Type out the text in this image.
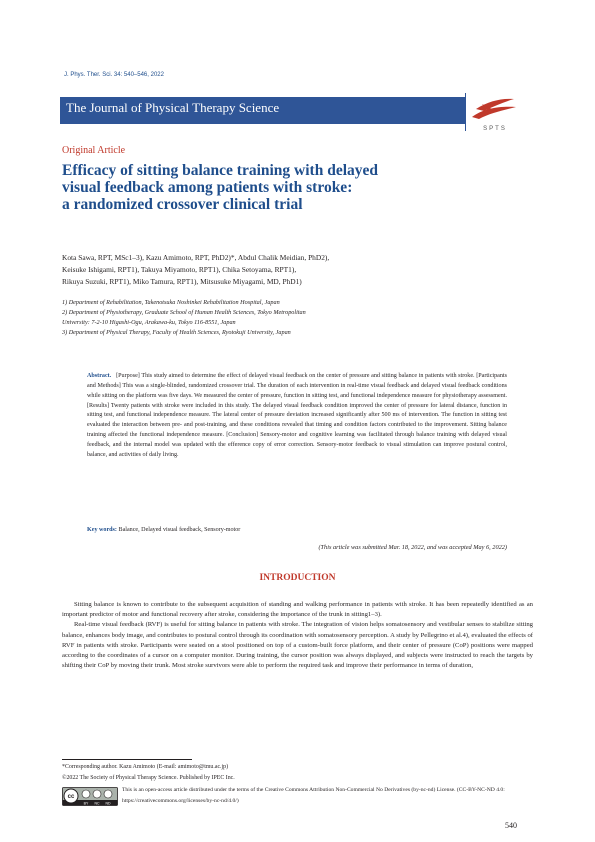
J. Phys. Ther. Sci. 34: 540–546, 2022
The Journal of Physical Therapy Science
SPTS
Original Article
Efficacy of sitting balance training with delayed
visual feedback among patients with stroke:
a randomized crossover clinical trial
Kota Sawa, RPT, MSc1–3), Kazu Amimoto, RPT, PhD2)*, Abdul Chalik Meidian, PhD2),
Keisuke Ishigami, RPT1), Takuya Miyamoto, RPT1), Chika Setoyama, RPT1),
Rikuya Suzuki, RPT1), Miko Tamura, RPT1), Mitsusuke Miyagami, MD, PhD1)
1) Department of Rehabilitation, Takenotsuka Noshinkei Rehabilitation Hospital, Japan
2) Department of Physiotherapy, Graduate School of Human Health Sciences, Tokyo Metropolitan
University: 7-2-10 Higashi-Ogu, Arakawa-ku, Tokyo 116-8551, Japan
3) Department of Physical Therapy, Faculty of Health Sciences, Ryotokuji University, Japan
Abstract. [Purpose] This study aimed to determine the effect of delayed visual feedback on the center of pressure and sitting balance in patients with stroke. [Participants and Methods] This was a single-blinded, randomized crossover trial. The duration of each intervention in real-time visual feedback and delayed visual feedback conditions while sitting on the platform was five days. We measured the center of pressure, function in sitting test, and functional independence measure for physiotherapy assessment. [Results] Twenty patients with stroke were included in this study. The delayed visual feedback condition improved the center of pressure for lateral distance, function in sitting test, and functional independence measure. The lateral center of pressure deviation increased significantly after 500 ms of intervention. The function in sitting test evaluated the interaction between pre- and post-training, and these conditions revealed that timing and condition factors contributed to the improvement. Sitting balance training affected the functional independence measure. [Conclusion] Sensory-motor and cognitive learning was facilitated through balance training with delayed visual feedback, and the internal model was updated with the efference copy of error correction. Sensory-motor feedback to visual stimulation can improve postural control, balance, and activities of daily living.
Key words: Balance, Delayed visual feedback, Sensory-motor
(This article was submitted Mar. 18, 2022, and was accepted May 6, 2022)
INTRODUCTION

Sitting balance is known to contribute to the subsequent acquisition of standing and walking performance in patients with stroke. It has been repeatedly identified as an important predictor of motor and functional recovery after stroke, considering the importance of the trunk in sitting1–3).

Real-time visual feedback (RVF) is useful for sitting balance in patients with stroke. The integration of vision helps somatosensory and vestibular senses to stabilize sitting balance, enhances body image, and contributes to postural control through its coordination with somatosensory perception. A study by Pellegrino et al.4), evaluated the effects of RVF in patients with stroke. Participants were seated on a stool positioned on top of a custom-built force platform, and their center of pressure (CoP) positions were mapped according to the coordinates of a cursor on a computer monitor. During training, the cursor position was always displayed, and subjects were instructed to reach the targets by shifting their CoP by moving their trunk. Most stroke survivors were able to perform the required task and improve their performance in terms of duration,

*Corresponding author. Kazu Amimoto (E-mail: amimoto@tmu.ac.jp)
©2022 The Society of Physical Therapy Science. Published by IPEC Inc.
cc
BY NC ND
This is an open-access article distributed under the terms of the Creative Commons Attribution Non-Commercial No Derivatives (by-nc-nd) License. (CC-BY-NC-ND 4.0: https://creativecommons.org/licenses/by-nc-nd/4.0/)
540
